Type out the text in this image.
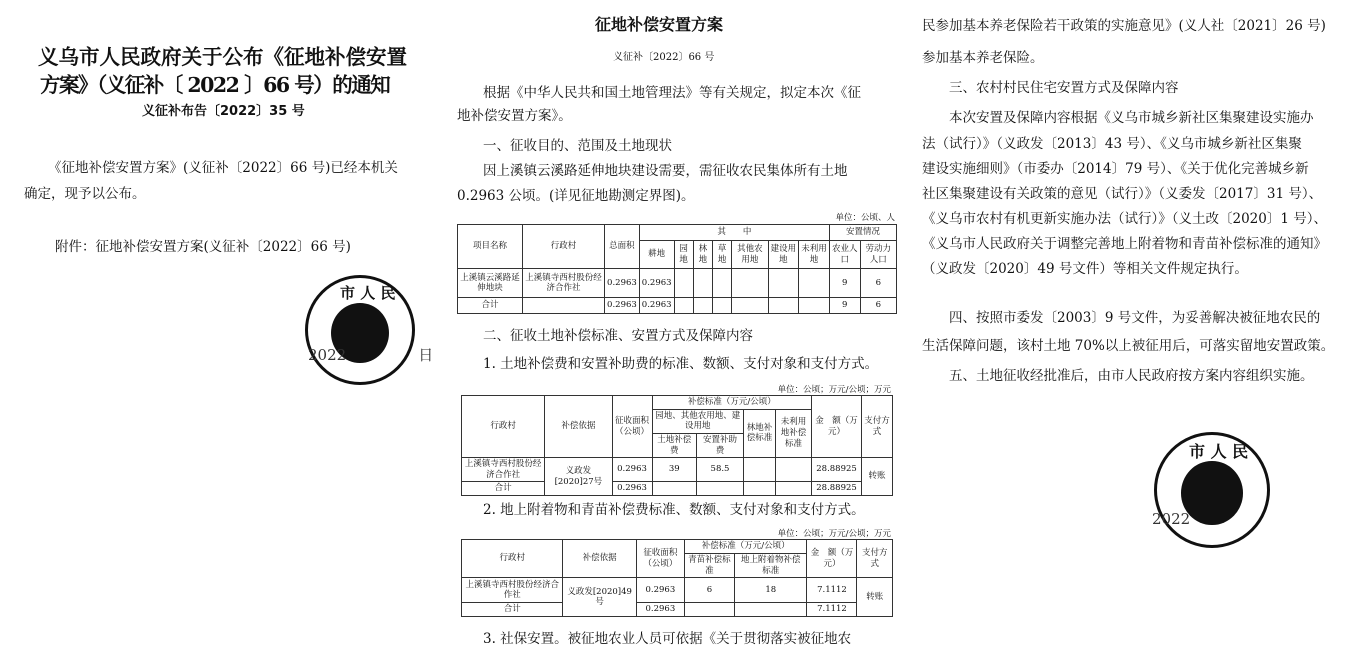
义乌市人民政府关于公布《征地补偿安置
方案》（义征补〔 2022 〕66 号）的通知
义征补布告〔2022〕35 号
《征地补偿安置方案》(义征补〔2022〕66 号)已经本机关
确定，现予以公布。
附件：征地补偿安置方案(义征补〔2022〕66 号)
市 人 民
2022	日
征地补偿安置方案
义征补〔2022〕66 号
根据《中华人民共和国土地管理法》等有关规定，拟定本次《征
地补偿安置方案》。
一、征收目的、范围及土地现状
因上溪镇云溪路延伸地块建设需要，需征收农民集体所有土地
0.2963 公顷。(详见征地勘测定界图)。
单位：公顷、人
项目名称	行政村	总面积	其　　中							安置情况	
			耕地	园地	林地	草地	其他农用地	建设用地	未利用地	农业人口	劳动力人口
上溪镇云溪路延伸地块	上溪镇寺西村股份经济合作社	0.2963	0.2963							9	6
合计		0.2963	0.2963							9	6
二、征收土地补偿标准、安置方式及保障内容
1. 土地补偿费和安置补助费的标准、数额、支付对象和支付方式。
单位：公顷；万元/公顷；万元
行政村	补偿依据	征收面积（公顷）	补偿标准（万元/公顷）				金　额（万元）	支付方式
			园地、其他农用地、建设用地		林地补偿标准	未利用地补偿标准		
			土地补偿费	安置补助费				
上溪镇寺西村股份经济合作社	义政发[2020]27号	0.2963	39	58.5			28.88925	转账
合计		0.2963					28.88925	
2. 地上附着物和青苗补偿费标准、数额、支付对象和支付方式。
单位：公顷；万元/公顷；万元
行政村	补偿依据	征收面积（公顷）	补偿标准（万元/公顷）		金　额（万元）	支付方式
			青苗补偿标准	地上附着物补偿标准		
上溪镇寺西村股份经济合作社	义政发[2020]49号	0.2963	6	18	7.1112	转账
合计		0.2963			7.1112	
3. 社保安置。被征地农业人员可依据《关于贯彻落实被征地农
民参加基本养老保险若干政策的实施意见》(义人社〔2021〕26 号)
参加基本养老保险。
　　三、农村村民住宅安置方式及保障内容
　　本次安置及保障内容根据《义乌市城乡新社区集聚建设实施办
法（试行）》（义政发〔2013〕43 号）、《义乌市城乡新社区集聚
建设实施细则》（市委办〔2014〕79 号）、《关于优化完善城乡新
社区集聚建设有关政策的意见（试行）》（义委发〔2017〕31 号）、
《义乌市农村有机更新实施办法（试行）》（义土改〔2020〕1 号）、
《义乌市人民政府关于调整完善地上附着物和青苗补偿标准的通知》
（义政发〔2020〕49 号文件）等相关文件规定执行。
　　四、按照市委发〔2003〕9 号文件，为妥善解决被征地农民的
生活保障问题，该村土地 70%以上被征用后，可落实留地安置政策。
　　五、土地征收经批准后，由市人民政府按方案内容组织实施。
市 人 民
2022
